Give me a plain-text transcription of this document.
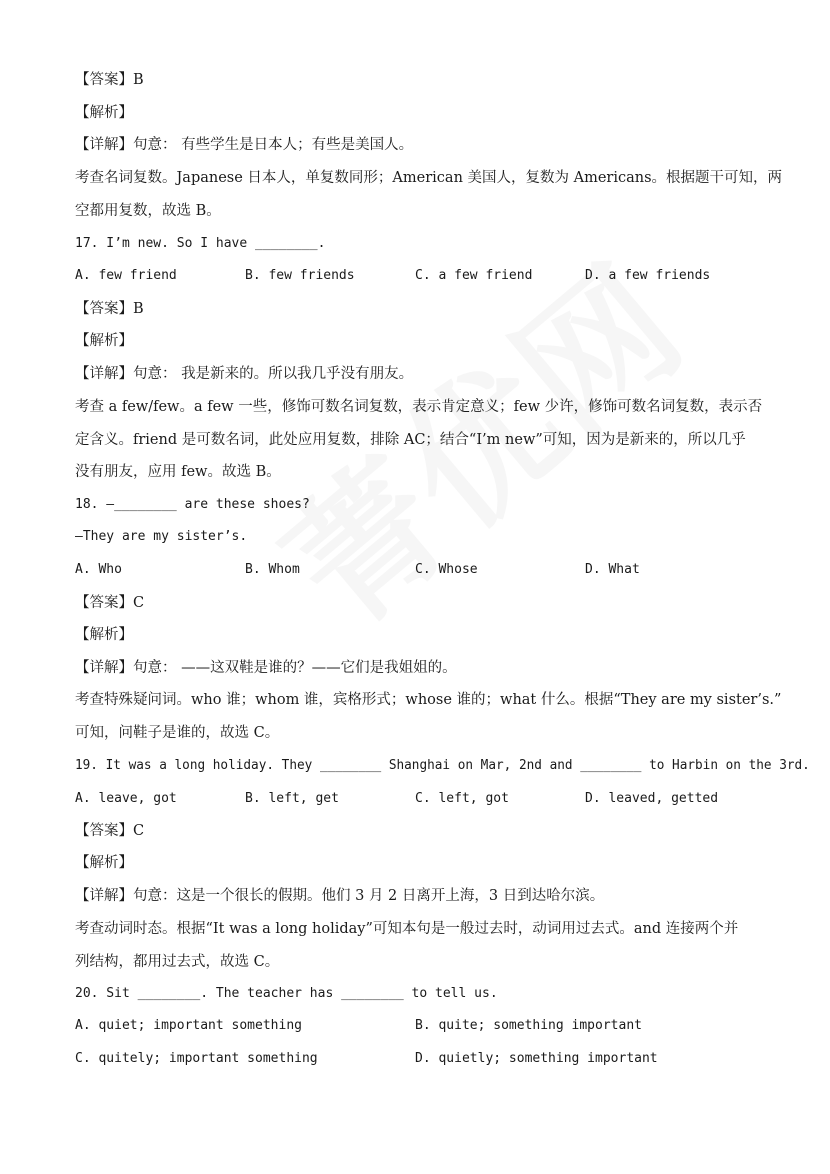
【答案】B
【解析】
【详解】句意： 有些学生是日本人；有些是美国人。
考查名词复数。Japanese 日本人，单复数同形；American 美国人，复数为 Americans。根据题干可知，两
空都用复数，故选 B。
17. I’m new. So I have ________.
A. few friend	B. few friends	C. a few friend	D. a few friends
【答案】B
【解析】
【详解】句意： 我是新来的。所以我几乎没有朋友。
考查 a few/few。a few 一些，修饰可数名词复数，表示肯定意义；few 少许，修饰可数名词复数，表示否
定含义。friend 是可数名词，此处应用复数，排除 AC；结合“I’m new”可知，因为是新来的，所以几乎
没有朋友，应用 few。故选 B。
18. —________ are these shoes?
—They are my sister’s.
A. Who	B. Whom	C. Whose	D. What
【答案】C
【解析】
【详解】句意： ——这双鞋是谁的？——它们是我姐姐的。
考查特殊疑问词。who 谁；whom 谁，宾格形式；whose 谁的；what 什么。根据“They are my sister’s.”
可知，问鞋子是谁的，故选 C。
19. It was a long holiday. They ________ Shanghai on Mar, 2nd and ________ to Harbin on the 3rd.
A. leave, got	B. left, get	C. left, got	D. leaved, getted
【答案】C
【解析】
【详解】句意：这是一个很长的假期。他们 3 月 2 日离开上海，3 日到达哈尔滨。
考查动词时态。根据“It was a long holiday”可知本句是一般过去时，动词用过去式。and 连接两个并
列结构，都用过去式，故选 C。
20. Sit ________. The teacher has ________ to tell us.
A. quiet; important something	B. quite; something important
C. quitely; important something	D. quietly; something important
